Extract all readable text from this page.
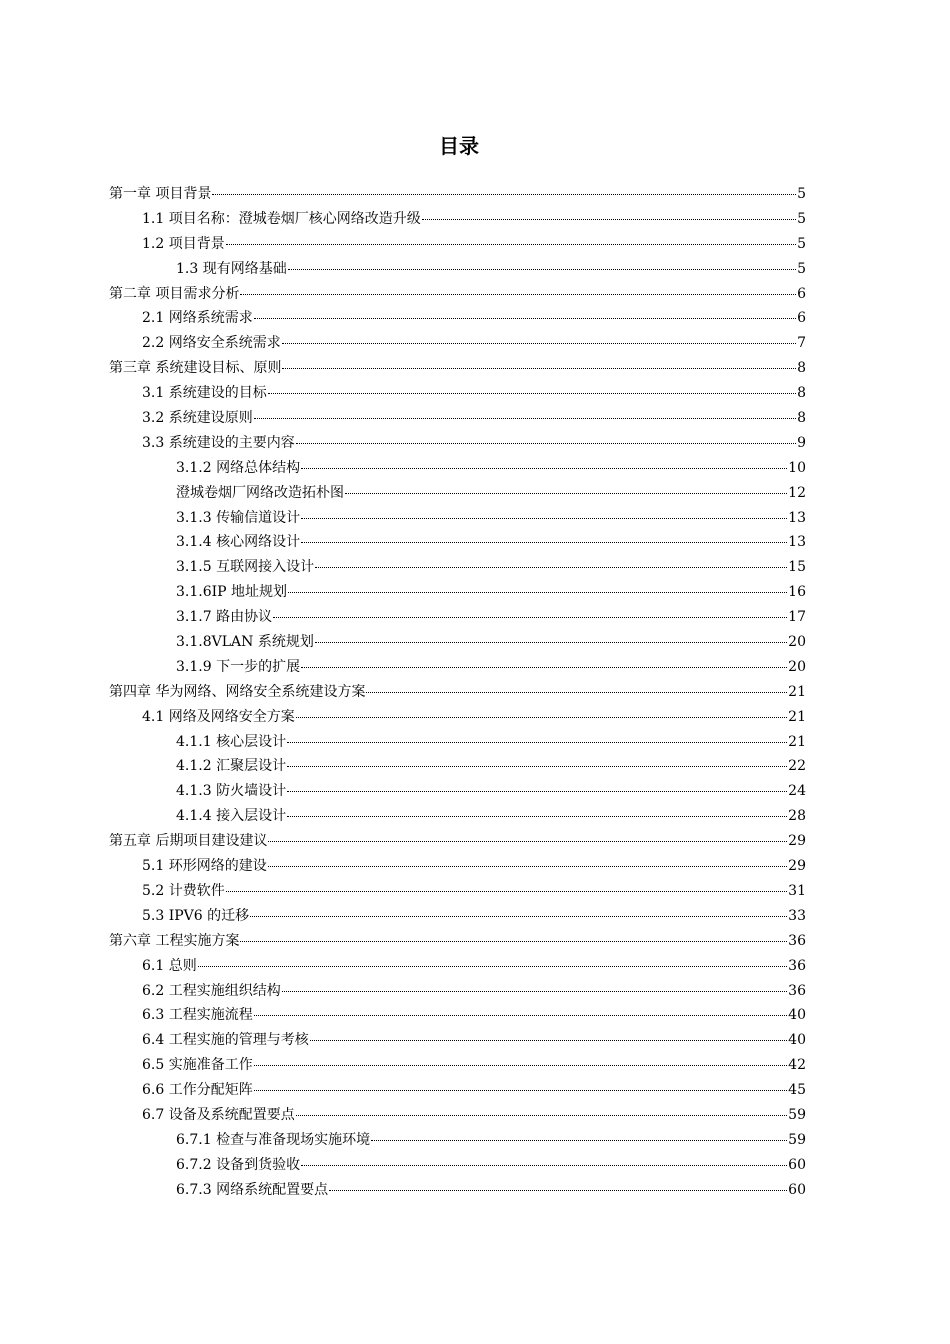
目录
第一章 项目背景	5
1.1 项目名称：澄城卷烟厂核心网络改造升级	5
1.2 项目背景	5
1.3 现有网络基础	5
第二章 项目需求分析	6
2.1 网络系统需求	6
2.2 网络安全系统需求	7
第三章 系统建设目标、原则	8
3.1 系统建设的目标	8
3.2 系统建设原则	8
3.3 系统建设的主要内容	9
3.1.2 网络总体结构	10
澄城卷烟厂网络改造拓朴图	12
3.1.3 传输信道设计	13
3.1.4 核心网络设计	13
3.1.5 互联网接入设计	15
3.1.6IP 地址规划	16
3.1.7 路由协议	17
3.1.8VLAN 系统规划	20
3.1.9 下一步的扩展	20
第四章 华为网络、网络安全系统建设方案	21
4.1 网络及网络安全方案	21
4.1.1 核心层设计	21
4.1.2 汇聚层设计	22
4.1.3 防火墙设计	24
4.1.4 接入层设计	28
第五章 后期项目建设建议	29
5.1 环形网络的建设	29
5.2 计费软件	31
5.3 IPV6 的迁移	33
第六章 工程实施方案	36
6.1 总则	36
6.2 工程实施组织结构	36
6.3 工程实施流程	40
6.4 工程实施的管理与考核	40
6.5 实施准备工作	42
6.6 工作分配矩阵	45
6.7 设备及系统配置要点	59
6.7.1 检查与准备现场实施环境	59
6.7.2 设备到货验收	60
6.7.3 网络系统配置要点	60
